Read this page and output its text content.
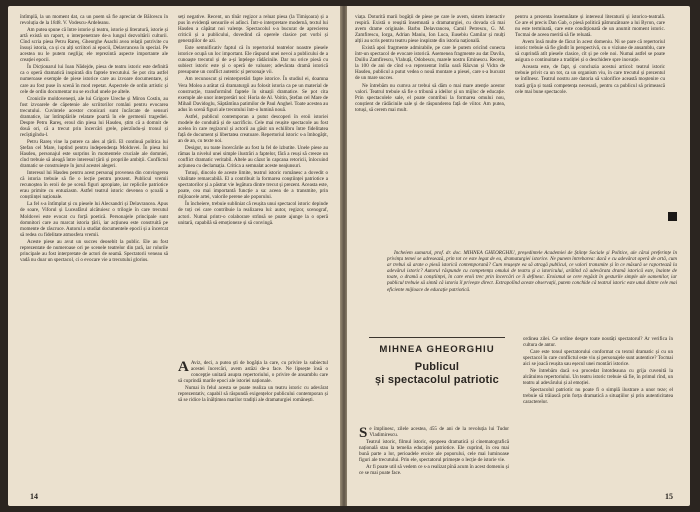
întîmplă, la un moment dat, ca un poem să fie apreciat de Bălcescu în revoluția de la 1848. V. Vodescu-Ardeleanu.

Am putea spune că între istorie și teatru, istorie și literatură, istorie și artă există un raport, o interpenetrare de-a lungul dezvoltării culturii. Cînd scria piesa Petru Rareș, Gheorghe Asachi avea relații potrivite cu însuși istoria, ca și cu alți scriitori ai epocii, Delavrancea în special. Pe acestea nu le putem neglija; ele reprezintă aspecte importante ale creației epocii.

În Dicționarul lui Ioan Nădejde, piesa de teatru istoric este definită ca o operă dramatică inspirată din faptele trecutului. Se pot cita astfel numeroase exemple de piese istorice care au izvoare documentare, și care au fost puse în scenă în mod repetat. Aspectele de ordin artistic și cele de ordin documentar nu se exclud unele pe altele.

Cronicile moldovenești, ale lui Grigore Ureche și Miron Costin, au fost izvoarele de căpetenie ale scriitorilor români pentru evocarea trecutului. Cuvintele acestor cronicari sunt încărcate de sensuri dramatice, iar întîmplările relatate poartă în ele germenii tragediei. Despre Petru Rareș, eroul din piesa lui Hasdeu, știm că a domnit de două ori, că a trecut prin încercări grele, pierzîndu-și tronul și recîștigîndu-l.

Petru Rareș vine la putere ca ales al țării. El continuă politica lui Ștefan cel Mare, luptînd pentru independența Moldovei. În piesa lui Hasdeu, personajul este surprins în momentele cruciale ale domniei, cînd trebuie să aleagă între interesul țării și propriile ambiții. Conflictul dramatic se construiește în jurul acestei alegeri.

Interesul lui Hasdeu pentru acest personaj provenea din convingerea că istoria trebuie să fie o lecție pentru prezent. Publicul vremii recunoștea în eroii de pe scenă figuri apropiate, iar replicile patriotice erau primite cu entuziasm. Astfel teatrul istoric devenea o școală a conștiinței naționale.

La fel s-a întîmplat și cu piesele lui Alecsandri și Delavrancea. Apus de soare, Viforul și Luceafărul alcătuiesc o trilogie în care trecutul Moldovei este evocat cu forță poetică. Personajele principale sunt domnitori care au marcat istoria țării, iar acțiunea este construită pe momente de răscruce. Autorul a studiat documentele epocii și a încercat să redea cu fidelitate atmosfera vremii.

Aceste piese au avut un succes deosebit la public. Ele au fost reprezentate de numeroase ori pe scenele teatrelor din țară, iar rolurile principale au fost interpretate de actori de seamă. Spectatorii veneau să vadă nu doar un spectacol, ci o evocare vie a trecutului glorios.

seți negative. Recent, un tînăr regizor a reluat piesa (la Timișoara) și a pus în evidență sensurile ei adînci. Într-o interpretare modernă, textul lui Hasdeu a căpătat noi valențe. Spectacolul s-a bucurat de aprecierea criticii și a publicului, dovedind că operele clasice pot vorbi și generațiilor de azi.

Este semnificativ faptul că în repertoriul teatrelor noastre piesele istorice ocupă un loc important. Ele răspund unei nevoi a publicului de a cunoaște trecutul și de a-și înțelege rădăcinile. Dar nu orice piesă cu subiect istoric este și o operă de valoare; adevărata dramă istorică presupune un conflict autentic și personaje vii.

Am recunoscut și reinterpretări fapte istorice. În studiul ei, doamna Vera Molea a arătat că dramaturgii au folosit istoria ca pe un material de construcție, transformînd faptele în situații dramatice. Se pot cita exemple ale unor interpretări noi: Horia de Al. Voitin, Ștefan cel Mare de Mihail Davidoglu, Săptămîna patimilor de Paul Anghel. Toate acestea au adus în scenă figuri ale trecutului într-o lumină nouă.

Astfel, publicul contemporan a putut descoperi în eroii istoriei modele de conduită și de sacrificiu. Cele mai reușite spectacole au fost acelea în care regizorul și actorii au găsit un echilibru între fidelitatea față de document și libertatea creatoare. Repertoriul istoric s-a îmbogățit, an de an, cu texte noi.

Desigur, nu toate încercările au fost la fel de izbutite. Unele piese au rămas la nivelul unei simple ilustrări a faptelor, fără a reuși să creeze un conflict dramatic veritabil. Altele au căzut în capcana retoricii, înlocuind acțiunea cu declamația. Critica a semnalat aceste neajunsuri.

Totuși, dincolo de aceste limite, teatrul istoric românesc a dovedit o vitalitate remarcabilă. El a contribuit la formarea conștiinței patriotice a spectatorilor și a păstrat vie legătura dintre trecut și prezent. Aceasta este, poate, cea mai importantă funcție a sa: aceea de a transmite, prin mijloacele artei, valorile perene ale poporului.

În încheiere, trebuie subliniat că reușita unui spectacol istoric depinde de toți cei care contribuie la realizarea lui: autor, regizor, scenograf, actori. Numai printr-o colaborare strînsă se poate ajunge la o operă unitară, capabilă să emoționeze și să convingă.

14

viața. Doturită marii bogății de piese pe care le avem, sistem interactiv respiră. Există o reușită însemnată a dramaturgiei, cu dovada că mai avem drame originale. Barbu Delavrancea, Camil Petrescu, G. M. Zamfirescu, Iorga, Adrian Maniu, Ion Luca, Eusebiu Camilar și mulți alții au scris pentru teatru piese inspirate din istoria națională.

Există apoi fragmente admirabile, pe care le putem oricînd conecta într-un spectacol de evocare istorică. Asemenea fragmente au dat Davila, Duiliu Zamfirescu, Vlahuță, Odobescu, marele nostru Eminescu. Recent, la 100 de ani de cînd s-a reprezentat întîia oară Răzvan și Vidra de Hasdeu, publicul a putut vedea o nouă montare a piesei, care s-a bucurat de un mare succes.

Ne întrebăm nu cumva ar trebui să dăm o mai mare atenție acestor valori. Teatrul trebuie să fie o tribună a ideilor și un mijloc de educație. Prin spectacolele sale, el poate contribui la formarea omului nou, conștient de rădăcinile sale și de răspunderea față de viitor. Am putea, totuși, să cerem mai mult.

pentru a prezenta însemnătate și interesul literaturii și istorico-teatrală. Ce are el precis Dan Gab, o piesă politică pătrunzătoare a lui Byron, care nu este terminată, care este condiționată de un anumit moment istoric. Tocmai de aceea merită să fie reluată.

Avem însă multe de făcut în acest domeniu. Ni se pare că repertoriul istoric trebuie să fie gîndit în perspectivă, cu o viziune de ansamblu, care să cuprindă atît piesele clasice, cît și pe cele noi. Numai astfel se poate asigura o continuitate a tradiției și o deschidere spre inovație.

Aceasta este, de fapt, și concluzia acestui articol: teatrul istoric trebuie privit ca un tot, ca un organism viu, în care trecutul și prezentul se întîlnesc. Teatrul nostru are datoria să valorifice această moștenire cu toată grija și toată competența necesară, pentru ca publicul să primească cele mai bune spectacole.

Încheiem sumarul, prof. dr. doc. MIHNEA GHEORGHIU, președintele Academiei de Științe Sociale și Politice, ale cărui preferințe în privința temei se adresează, prin tot ce este legat de ea, dramaturgiei istorice. Ne punem întrebarea: dacă e cu adevărat operă de artă, cum ar trebui să arate o piesă istorică contemporană? Cum reușește ea să atragă publicul, ce valori transmite și în ce măsură se raportează la adevărul istoric? Autorul răspunde cu competența omului de teatru și a istoricului, arătînd că adevărata dramă istorică este, înainte de toate, o dramă a conștiinței, în care eroii trec prin încercări ce îi definesc. Eroismul se cere regăsit în gesturile simple ale oamenilor, iar publicul trebuie să simtă că istoria îl privește direct. Extrapolînd aceste observații, putem conchide că teatrul istoric este unul dintre cele mai eficiente mijloace de educație patriotică.

MIHNEA GHEORGHIU
Publicul
și spectacolul patriotic

Se împlinesc, zilele acestea, 455 de ani de la revoluția lui Tudor Vladimirescu.

Teatrul istoric, filmul istoric, epopeea dramatică și cinematografică națională stau la temelia educației patriotice. Ele cuprind, în cea mai bună parte a lor, perioadele eroice ale poporului, cele mai luminoase figuri ale trecutului. Prin ele, spectatorul primește o lecție de istorie vie.

Ar fi poate util să vedem ce s-a realizat pînă acum în acest domeniu și ce se mai poate face.

ordinea zilei. Ce ordine despre toate noutăți spectatorul? Ar verifica în cultura de antur.

Care este tonul spectatorului conformat cu textul dramatic și cu un spectacol în care conflictul este viu și personajele sunt autentice? Tocmai aici se joacă reușita sau eșecul unei montări istorice.

Ne întrebăm dacă s-a procedat întotdeauna cu grija cuvenită la alcătuirea repertoriului. Un teatru istoric trebuie să fie, în primul rînd, un teatru al adevărului și al emoției.

Spectacolul patriotic nu poate fi o simplă ilustrare a unor teze; el trebuie să trăiască prin forța dramatică a situațiilor și prin autenticitatea caracterelor.

15

A Aviz, deci, a putea ști de bogăția la care, cu privire la subiectul acestei încercări, avem astăzi de-a face. Ne lipsește însă o concepție unitară asupra repertoriului, o privire de ansamblu care să cuprindă marile epoci ale istoriei naționale.

Numai în felul acesta se poate realiza un teatru istoric cu adevărat reprezentativ, capabil să răspundă exigențelor publicului contemporan și să se ridice la înălțimea marilor tradiții ale dramaturgiei românești.
